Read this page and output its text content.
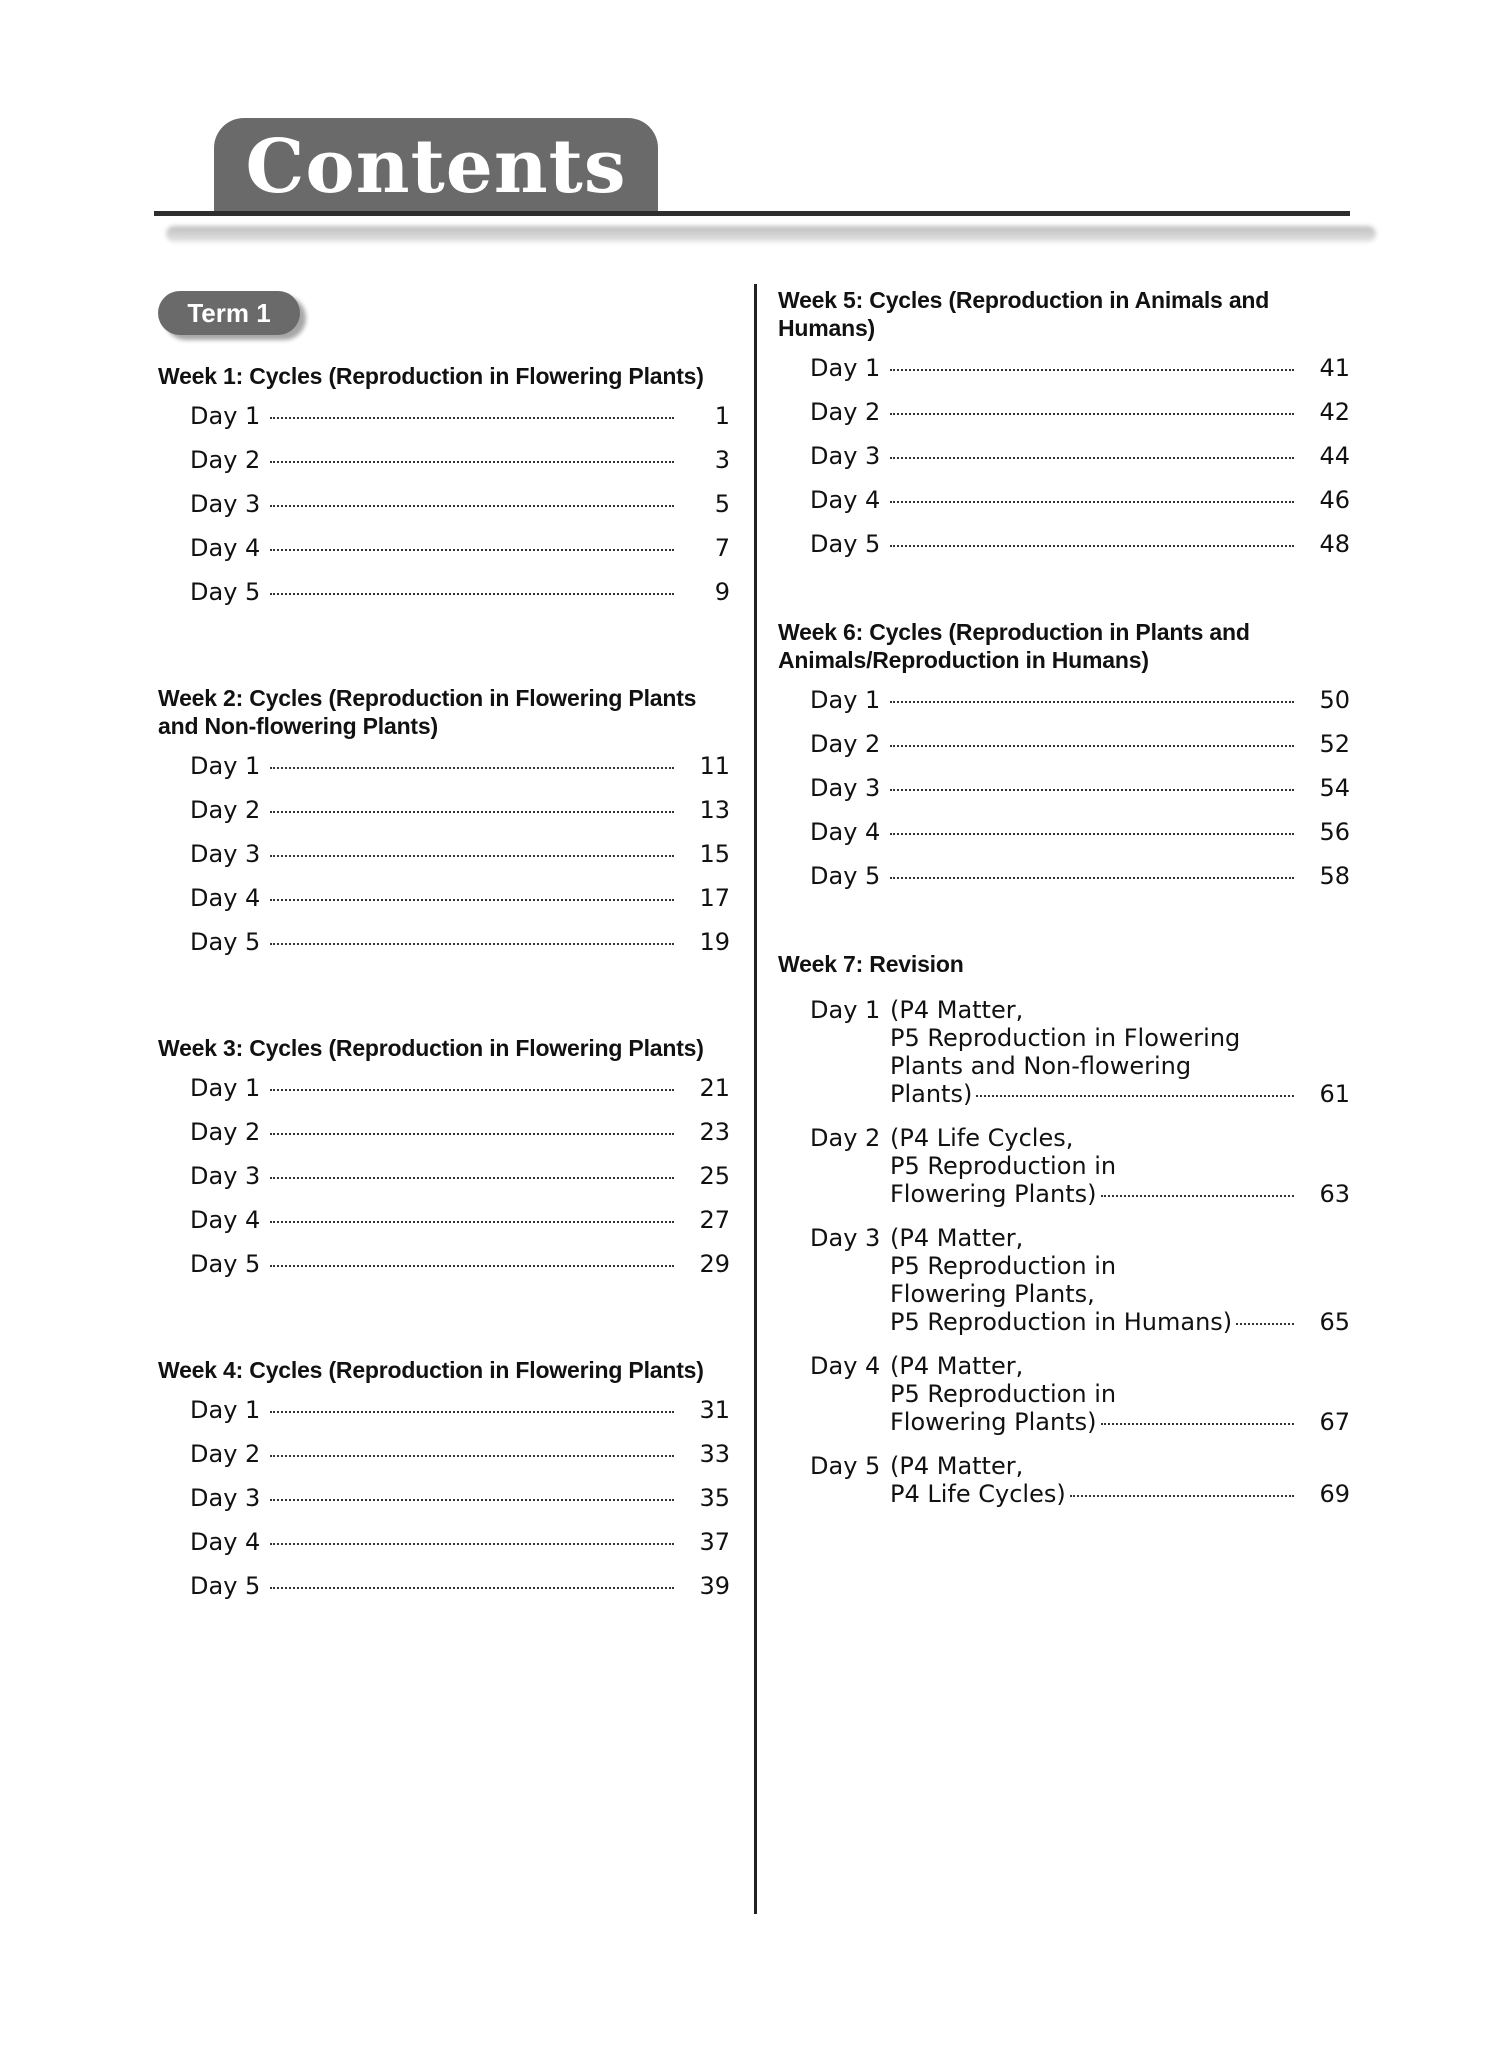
Contents
Term 1
Week 1: Cycles (Reproduction in Flowering Plants)
Day 1	1
Day 2	3
Day 3	5
Day 4	7
Day 5	9
Week 2: Cycles (Reproduction in Flowering Plants and Non-flowering Plants)
Day 1	11
Day 2	13
Day 3	15
Day 4	17
Day 5	19
Week 3: Cycles (Reproduction in Flowering Plants)
Day 1	21
Day 2	23
Day 3	25
Day 4	27
Day 5	29
Week 4: Cycles (Reproduction in Flowering Plants)
Day 1	31
Day 2	33
Day 3	35
Day 4	37
Day 5	39
Week 5: Cycles (Reproduction in Animals and Humans)
Day 1	41
Day 2	42
Day 3	44
Day 4	46
Day 5	48
Week 6: Cycles (Reproduction in Plants and Animals/Reproduction in Humans)
Day 1	50
Day 2	52
Day 3	54
Day 4	56
Day 5	58
Week 7: Revision
Day 1 (P4 Matter,
P5 Reproduction in Flowering
Plants and Non-flowering
Plants)	61
Day 2 (P4 Life Cycles,
P5 Reproduction in
Flowering Plants)	63
Day 3 (P4 Matter,
P5 Reproduction in
Flowering Plants,
P5 Reproduction in Humans)	65
Day 4 (P4 Matter,
P5 Reproduction in
Flowering Plants)	67
Day 5 (P4 Matter,
P4 Life Cycles)	69
